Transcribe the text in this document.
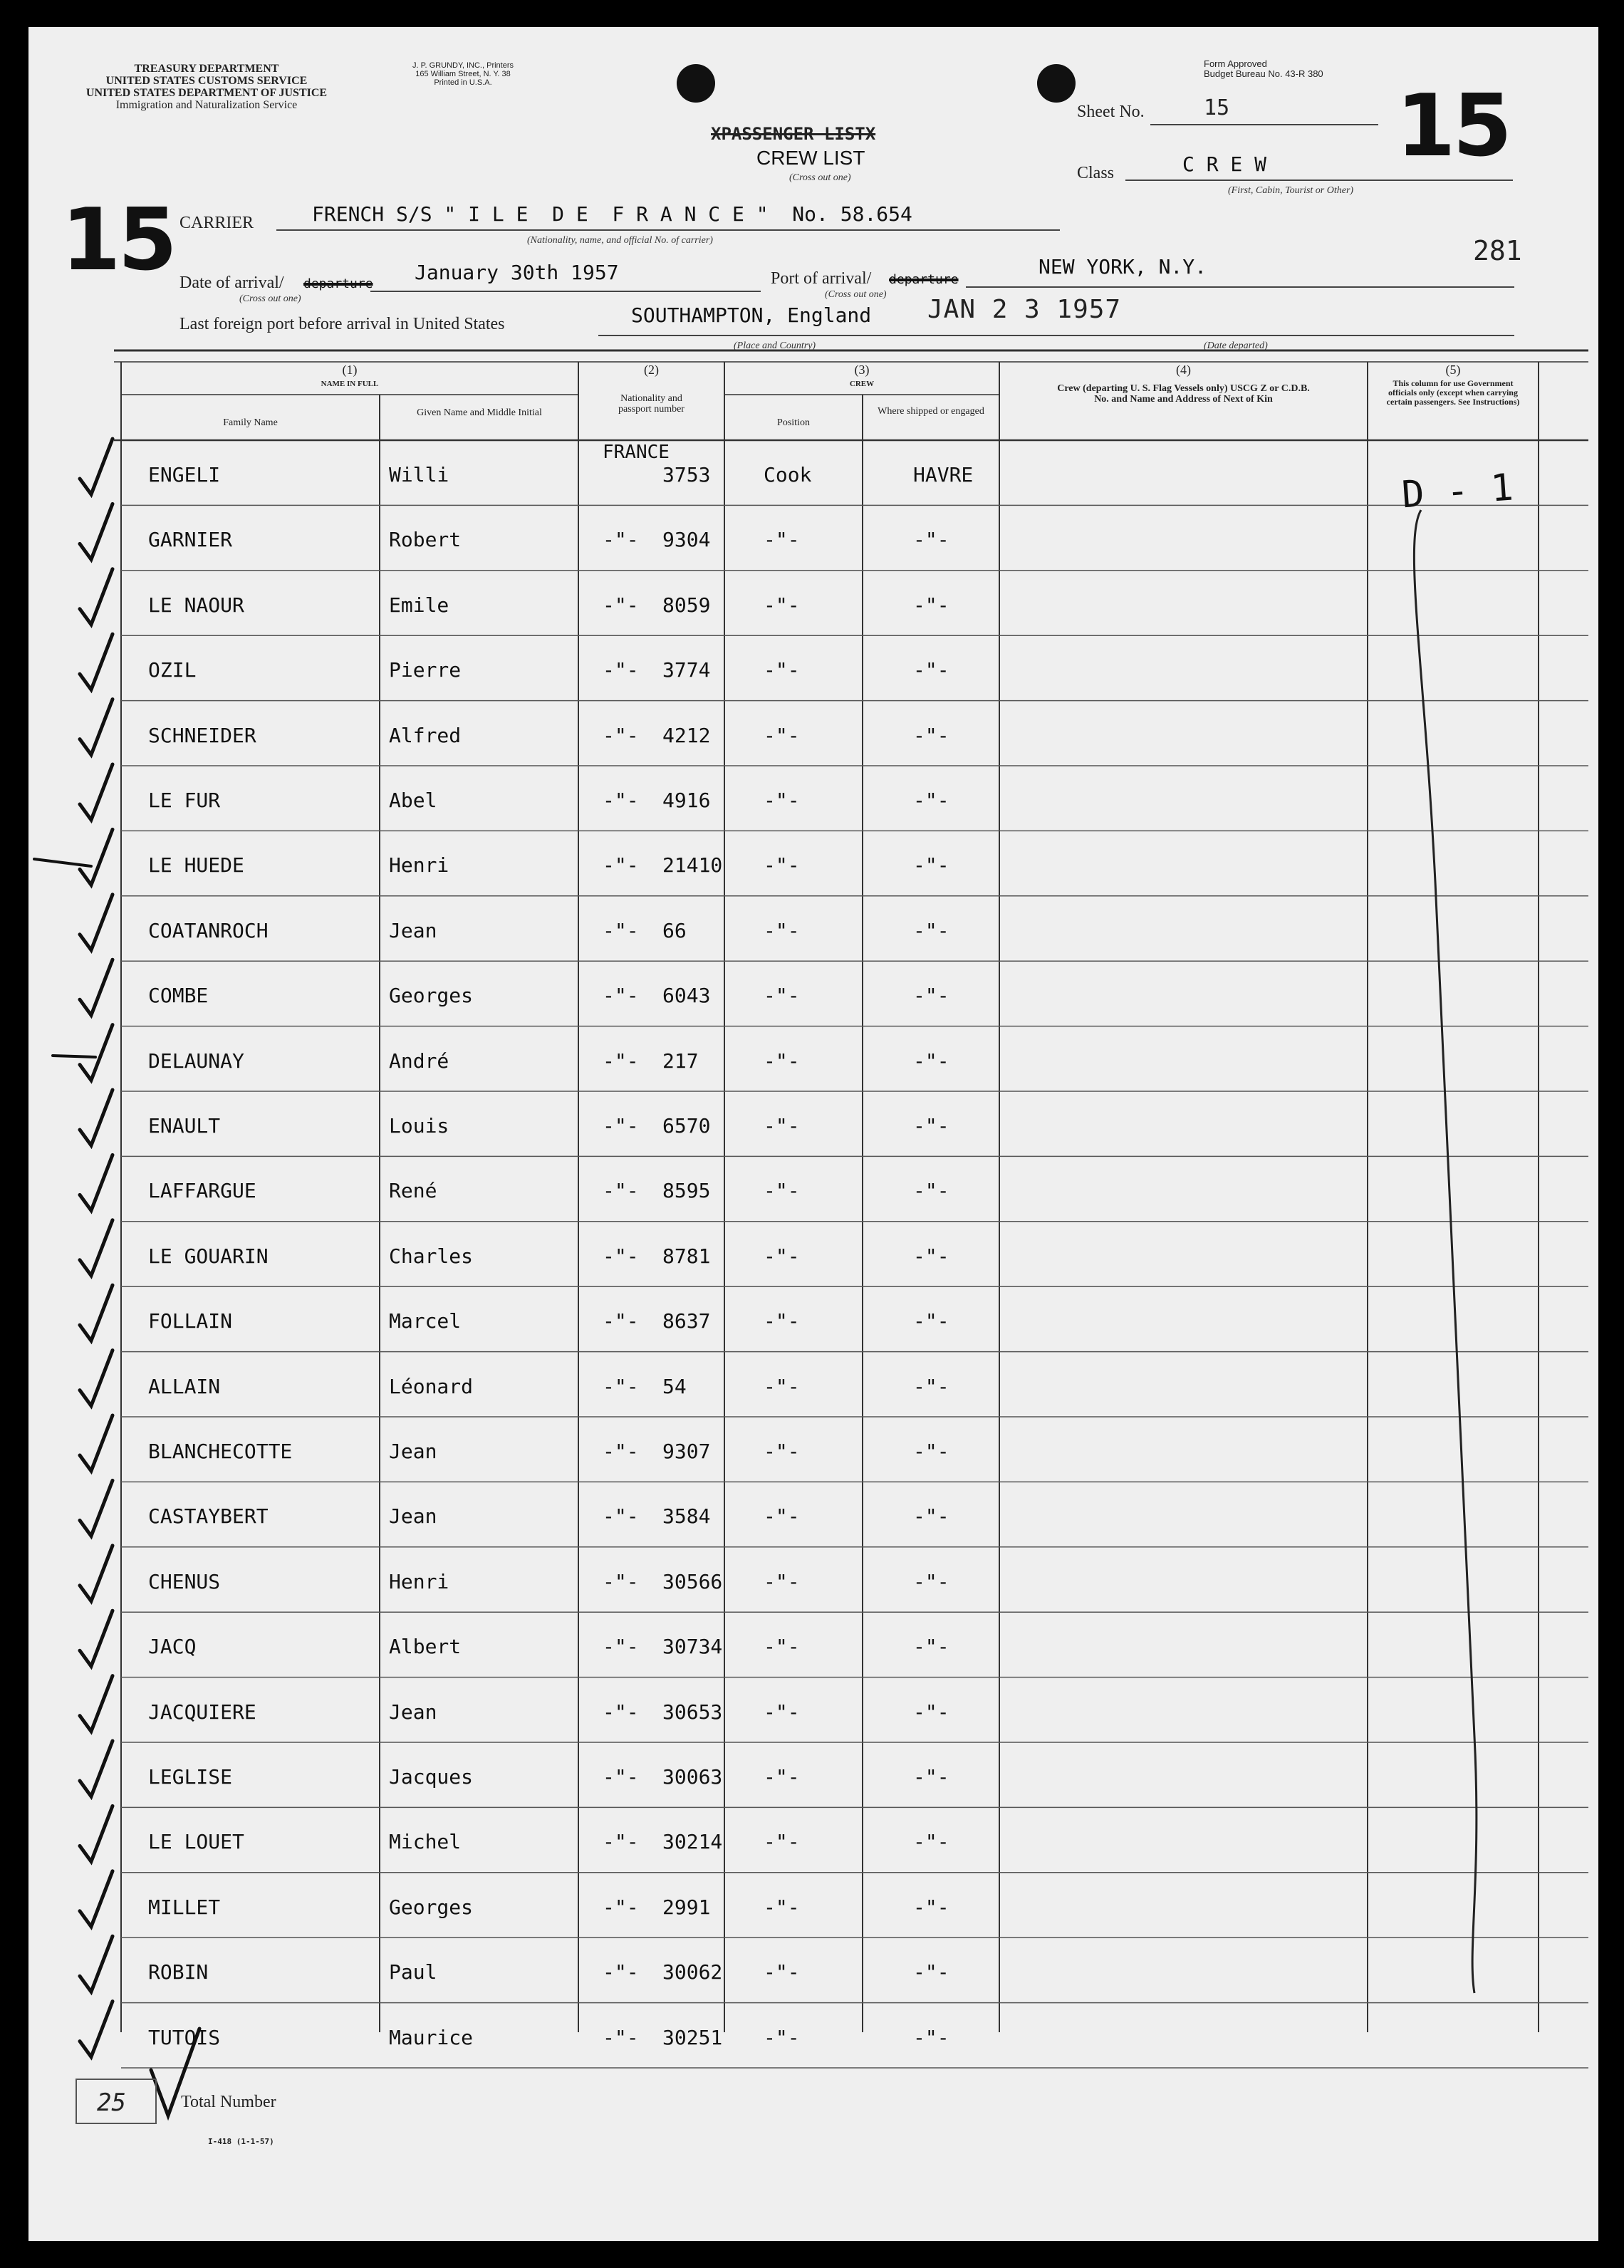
TREASURY DEPARTMENT
UNITED STATES CUSTOMS SERVICE
UNITED STATES DEPARTMENT OF JUSTICE
Immigration and Naturalization Service
J. P. GRUNDY, INC., Printers
165 William Street, N. Y. 38
Printed in U.S.A.
Form Approved
Budget Bureau No. 43-R 380
XPASSENGER LISTX
CREW LIST
(Cross out one)
Sheet No.	15 15
Class	C R E W
(First, Cabin, Tourist or Other)
15 CARRIER	FRENCH S/S " I L E  D E  F R A N C E "  No. 58.654
(Nationality, name, and official No. of carrier)	281
Date of arrival/ departure
(Cross out one)
January 30th 1957	Port of arrival/ departure
(Cross out one)
NEW YORK, N.Y.
Last foreign port before arrival in United States	SOUTHAMPTON, England JAN 2 3 1957
(Place and Country)	(Date departed)
(1)
NAME IN FULL
Family Name
Given Name and Middle Initial
(2)
Nationality and passport number
(3)
CREW
Position
Where shipped or engaged
(4)
Crew (departing U. S. Flag Vessels only) USCG Z or C.D.B. No. and Name and Address of Next of Kin
(5)
This column for use Government officials only (except when carrying certain passengers. See Instructions)
FRANCE
D - 1
ENGELI	Willi	3753	Cook	HAVRE
GARNIER	Robert	-"- 9304	-"-	-"-
LE NAOUR	Emile	-"- 8059	-"-	-"-
OZIL	Pierre	-"- 3774	-"-	-"-
SCHNEIDER	Alfred	-"- 4212	-"-	-"-
LE FUR	Abel	-"- 4916	-"-	-"-
LE HUEDE	Henri	-"- 21410 -"-	-"-
COATANROCH	Jean	-"- 66	-"-	-"-
COMBE	Georges	-"- 6043	-"-	-"-
DELAUNAY	André	-"- 217	-"-	-"-
ENAULT	Louis	-"- 6570	-"-	-"-
LAFFARGUE	René	-"- 8595	-"-	-"-
LE GOUARIN	Charles	-"- 8781	-"-	-"-
FOLLAIN	Marcel	-"- 8637	-"-	-"-
ALLAIN	Léonard	-"- 54	-"-	-"-
BLANCHECOTTE	Jean	-"- 9307	-"-	-"-
CASTAYBERT	Jean	-"- 3584	-"-	-"-
CHENUS	Henri	-"- 30566 -"-	-"-
JACQ	Albert	-"- 30734 -"-	-"-
JACQUIERE	Jean	-"- 30653 -"-	-"-
LEGLISE	Jacques	-"- 30063 -"-	-"-
LE LOUET	Michel	-"- 30214 -"-	-"-
MILLET	Georges	-"- 2991	-"-	-"-
ROBIN	Paul	-"- 30062 -"-	-"-
TUTOIS	Maurice	-"- 30251 -"-	-"-
25	Total Number
I-418 (1-1-57)
